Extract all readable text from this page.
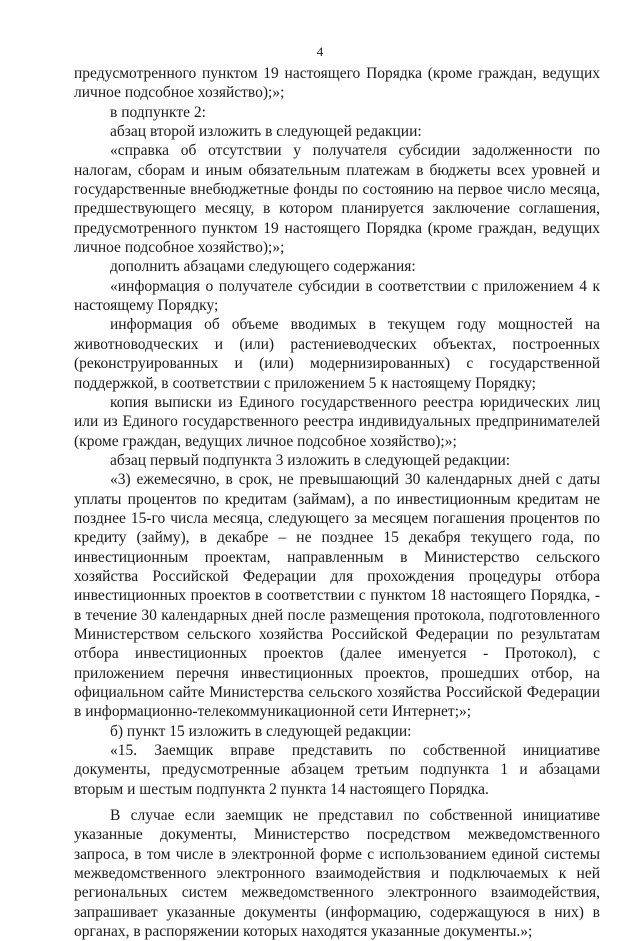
4

предусмотренного пунктом 19 настоящего Порядка (кроме граждан, ведущих личное подсобное хозяйство);»;

в подпункте 2:

абзац второй изложить в следующей редакции:

«справка об отсутствии у получателя субсидии задолженности по налогам, сборам и иным обязательным платежам в бюджеты всех уровней и государственные внебюджетные фонды по состоянию на первое число месяца, предшествующего месяцу, в котором планируется заключение соглашения, предусмотренного пунктом 19 настоящего Порядка (кроме граждан, ведущих личное подсобное хозяйство);»;

дополнить абзацами следующего содержания:

«информация о получателе субсидии в соответствии с приложением 4 к настоящему Порядку;

информация об объеме вводимых в текущем году мощностей на животноводческих и (или) растениеводческих объектах, построенных (реконструированных и (или) модернизированных) с государственной поддержкой, в соответствии с приложением 5 к настоящему Порядку;

копия выписки из Единого государственного реестра юридических лиц или из Единого государственного реестра индивидуальных предпринимателей (кроме граждан, ведущих личное подсобное хозяйство);»;

абзац первый подпункта 3 изложить в следующей редакции:

«3) ежемесячно, в срок, не превышающий 30 календарных дней с даты уплаты процентов по кредитам (займам), а по инвестиционным кредитам не позднее 15-го числа месяца, следующего за месяцем погашения процентов по кредиту (займу), в декабре – не позднее 15 декабря текущего года, по инвестиционным проектам, направленным в Министерство сельского хозяйства Российской Федерации для прохождения процедуры отбора инвестиционных проектов в соответствии с пунктом 18 настоящего Порядка, - в течение 30 календарных дней после размещения протокола, подготовленного Министерством сельского хозяйства Российской Федерации по результатам отбора инвестиционных проектов (далее именуется - Протокол), с приложением перечня инвестиционных проектов, прошедших отбор, на официальном сайте Министерства сельского хозяйства Российской Федерации в информационно-телекоммуникационной сети Интернет;»;

б) пункт 15 изложить в следующей редакции:

«15. Заемщик вправе представить по собственной инициативе документы, предусмотренные абзацем третьим подпункта 1 и абзацами вторым и шестым подпункта 2 пункта 14 настоящего Порядка.

В случае если заемщик не представил по собственной инициативе указанные документы, Министерство посредством межведомственного запроса, в том числе в электронной форме с использованием единой системы межведомственного электронного взаимодействия и подключаемых к ней региональных систем межведомственного электронного взаимодействия, запрашивает указанные документы (информацию, содержащуюся в них) в органах, в распоряжении которых находятся указанные документы.»;
